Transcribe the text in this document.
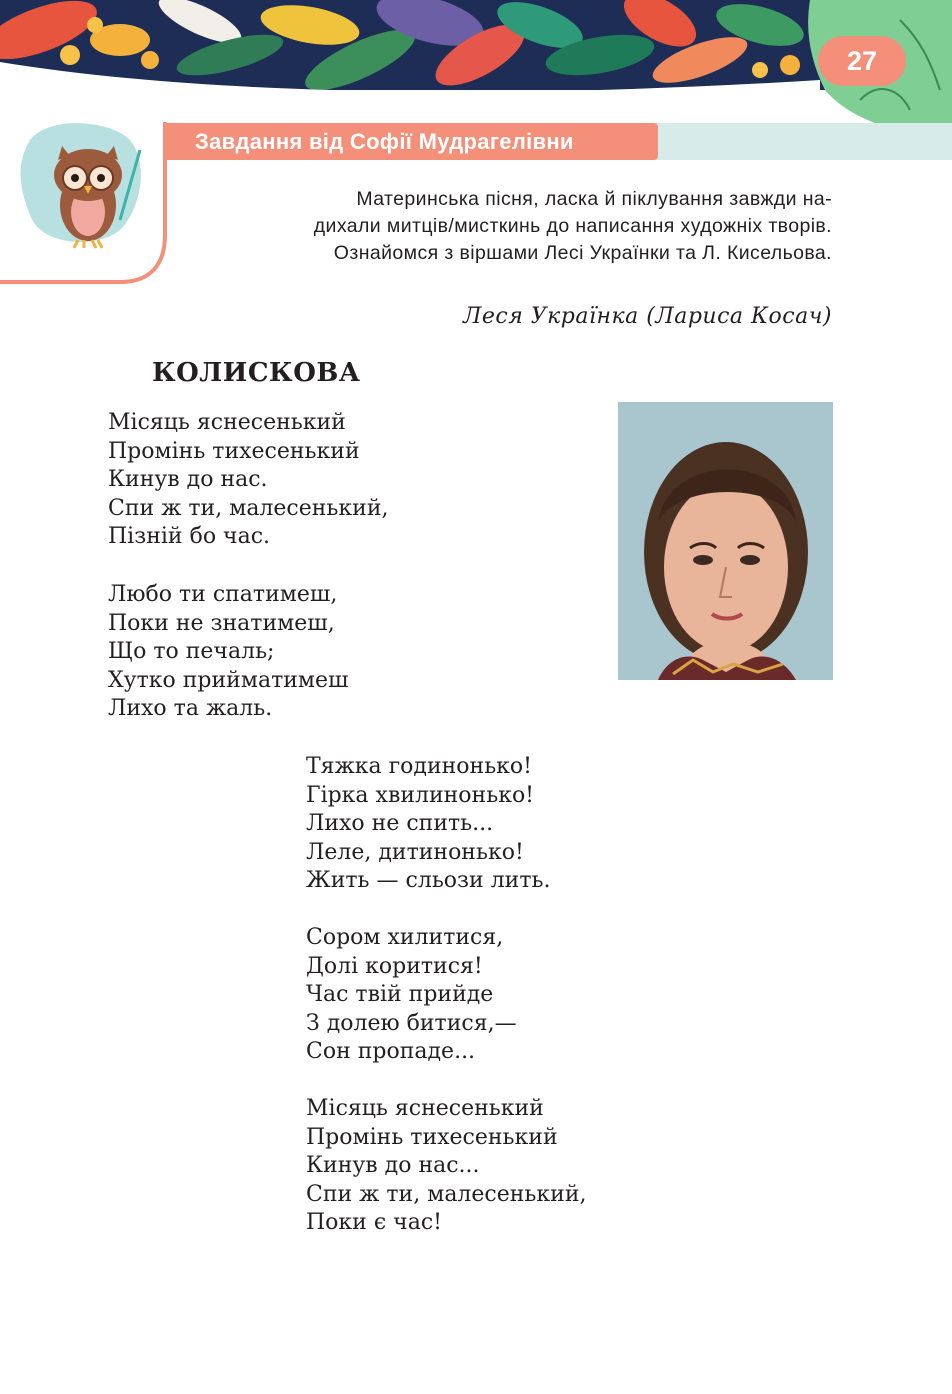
27
Завдання від Софії Мудрагелівни
Материнська пісня, ласка й піклування завжди на-
дихали митців/мисткинь до написання художніх творів.
Ознайомся з віршами Лесі Українки та Л. Кисельова.
Леся Українка (Лариса Косач)
КОЛИСКОВА
Місяць яснесенький
Промінь тихесенький
Кинув до нас.
Спи ж ти, малесенький,
Пізній бо час.
Любо ти спатимеш,
Поки не знатимеш,
Що то печаль;
Хутко прийматимеш
Лихо та жаль.
Тяжка годинонько!
Гірка хвилинонько!
Лихо не спить...
Леле, дитинонько!
Жить — сльози лить.
Сором хилитися,
Долі коритися!
Час твій прийде
З долею битися,—
Сон пропаде...
Місяць яснесенький
Промінь тихесенький
Кинув до нас...
Спи ж ти, малесенький,
Поки є час!
